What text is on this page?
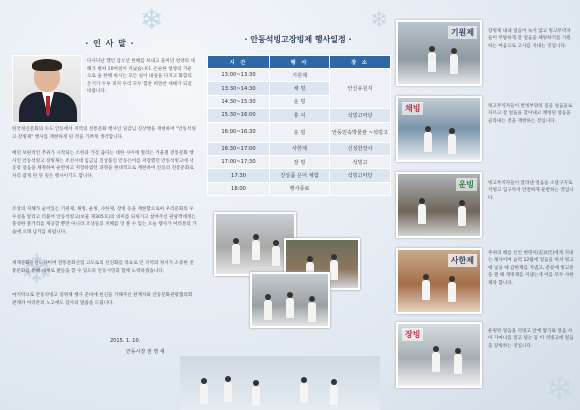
❄
❄
❄
❄
· 인 사 말 ·
다사다난 했던 갑오년 한해를 보내고 을미년 청양의 새해가 벌써 10여일이 지났습니다. 온순한 청양의 기운으로 올 한해 하시는 모든 일이 내실을 다지고 화합의 온기가 두루 퍼져 우리 모두 힘찬 희망찬 새해가 되길 바랍니다.
한국정신문화의 수도 안동에서 지역의 전통문화 행사인 일감님 진상행을 재현하여 "안동석빙고 장빙제" 행사를 재현하게 된 것을 기쁘게 생각합니다.
예년 보편적인 추위가 시작되는 소한과 가장 춥다는 대한 사이에 열리는 겨울철 전통문화 행사인 안동석빙고 장빙제는 조선시대 임금님 진상품인 안동은어를 저장했던 안동석빙고에 낙동강 얼음을 채취하여 운반하고 저장하였던 과정을 현대적으로 재현하여 안동의 전통문화로 자리 잡게 된 뜻 깊은 행사이기도 합니다.
조상의 지혜가 숨어있는 기원제, 채빙, 운빙, 사한제, 장빙 등을 재현함으로써 우리문화의 우수성을 알리고 더불어 안동석빙고(보물 제305호)의 의미를 되새기고 참여주신 관광객에게는 풍성한 볼거리를 제공할 뿐만 아니라 조상들의 지혜를 엿 볼 수 있는 오늘 행사가 여러분의 가슴에 오래 남기를 바랍니다.
세계문화유산도시이며 전통문화산업 고도로의 선진화를 목표로 인 지역의 정서가 소중한 전통문화를 통해 세계로 발돋움 할 수 있도록 안동시민과 함께 노력하겠습니다.
마지막으로 안동석빙고 장빙제 행사 준비에 헌신을 기해주신 관계자와 안동문화관광협의회 관계자 여러분의 노고에도 감사의 말씀을 드립니다.
2015. 1. 10.
안동시장 권 영 세
· 안동석빙고장빙제 행사일정 ·
시 간	행 사	장 소
13:00~13:30	기원제	안신유원지
13:30~14:30	채 빙	
14:30~15:30	운 빙	
15:30~16:00	휴 식	석빙고마당
16:00~16:30	운 빙	안동민속박물관 ~석빙고
16:30~17:00	사한제	신성한장사
17:00~17:30	장 빙	석빙고
17:30	진상품 은어 체험	석빙고마당
18:00	행사종료	
기원제	장빙제 내내 얼음이 녹지 않고 빙고무역자들이 무탈하게 잘 얼음을 채빙하기를 기원하는 마음으로 고사를 지내는 것입니다.
채빙	빙고무역자들이 반빙부양의 짐을 얼음들로 자르고 잘 얼음을 찾아내고 채빙된 얼음을 골라내는 것을 재현하는 것입니다.
운빙	빙고무역자들이 잘라낸 얼음을 소달구지로 석빙고 입구까지 안전하게 운반하는 것입니다.
사한제
추위의 해를 신인 현명씨(玄冥氏)에게 지내는 제사이며 음력 12월에 얼음을 떠서 빙고에 넣을 때 감한제를 지냈고, 춘분에 빙고문을 열 때 개빙제를 지냈는데 이를 모두 사한제라 합니다.
장빙	운빙된 얼음을 석빙고 안에 쌓기와 얼음 사이 가마니를 깔고 덮는 등 이 석빙고에 얼음을 장빙하는 것입니다.
